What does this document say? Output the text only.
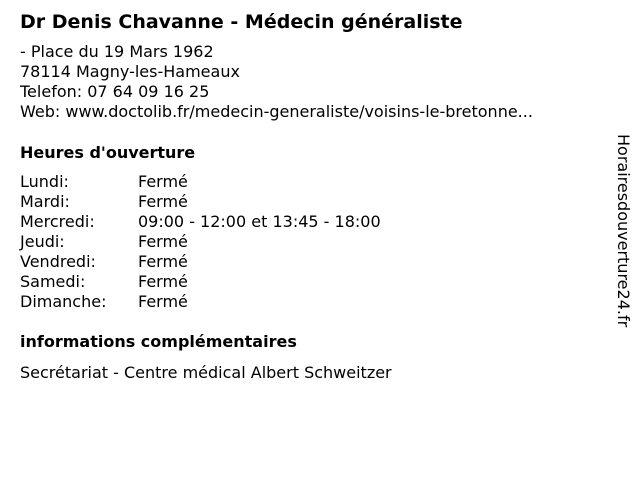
Dr Denis Chavanne - Médecin généraliste
- Place du 19 Mars 1962
78114 Magny-les-Hameaux
Telefon: 07 64 09 16 25
Web: www.doctolib.fr/medecin-generaliste/voisins-le-bretonne...
Heures d'ouverture
Lundi:	Fermé
Mardi:	Fermé
Mercredi:	09:00 - 12:00 et 13:45 - 18:00
Jeudi:	Fermé
Vendredi:	Fermé
Samedi:	Fermé
Dimanche:	Fermé
informations complémentaires
Secrétariat - Centre médical Albert Schweitzer
Horairesdouverture24.fr
